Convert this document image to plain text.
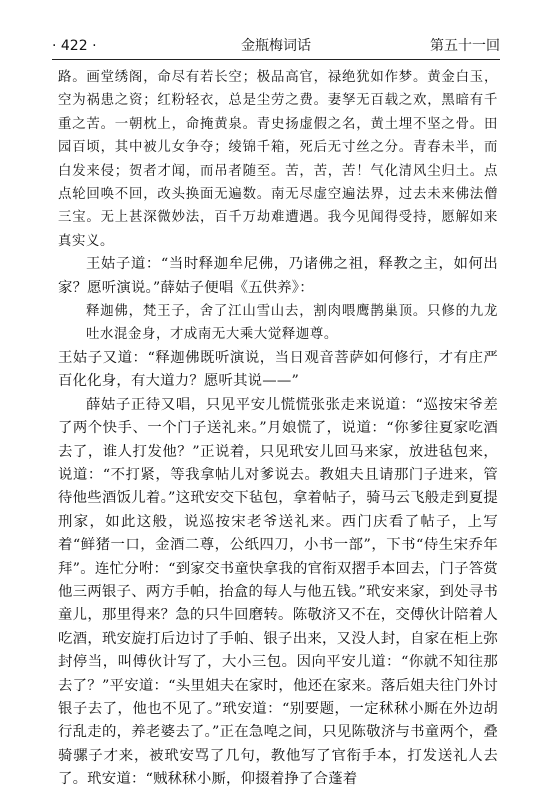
· 422 ·	金瓶梅词话	第五十一回

路。画堂绣阁，命尽有若长空；极品高官，禄绝犹如作梦。黄金白玉，空为祸患之资；红粉轻衣，总是尘劳之费。妻孥无百载之欢，黑暗有千重之苦。一朝枕上，命掩黄泉。青史扬虚假之名，黄土埋不坚之骨。田园百顷，其中被儿女争夺；绫锦千箱，死后无寸丝之分。青春未半，而白发来侵；贺者才闻，而吊者随至。苦，苦，苦！气化清风尘归土。点点轮回唤不回，改头换面无遍数。南无尽虚空遍法界，过去未来佛法僧三宝。无上甚深微妙法，百千万劫难遭遇。我今见闻得受持，愿解如来真实义。

王姑子道：“当时释迦牟尼佛，乃诸佛之祖，释教之主，如何出家？愿听演说。”薛姑子便唱《五供养》：

释迦佛，梵王子，舍了江山雪山去，割肉喂鹰鹊巢顶。只修的九龙吐水混金身，才成南无大乘大觉释迦尊。

王姑子又道：“释迦佛既听演说，当日观音菩萨如何修行，才有庄严百化化身，有大道力？愿听其说——”

薛姑子正待又唱，只见平安儿慌慌张张走来说道：“巡按宋爷差了两个快手、一个门子送礼来。”月娘慌了，说道：“你爹往夏家吃酒去了，谁人打发他？”正说着，只见玳安儿回马来家，放进毡包来，说道：“不打紧，等我拿帖儿对爹说去。教姐夫且请那门子进来，管待他些酒饭儿着。”这玳安交下毡包，拿着帖子，骑马云飞般走到夏提刑家，如此这般，说巡按宋老爷送礼来。西门庆看了帖子，上写着“鲜猪一口，金酒二尊，公纸四刀，小书一部”，下书“侍生宋乔年拜”。连忙分咐：“到家交书童快拿我的官衔双摺手本回去，门子答赏他三两银子、两方手帕，抬盒的每人与他五钱。”玳安来家，到处寻书童儿，那里得来？急的只牛回磨转。陈敬济又不在，交傅伙计陪着人吃酒，玳安旋打后边讨了手帕、银子出来，又没人封，自家在柜上弥封停当，叫傅伙计写了，大小三包。因向平安儿道：“你就不知往那去了？”平安道：“头里姐夫在家时，他还在家来。落后姐夫往门外讨银子去了，他也不见了。”玳安道：“别要题，一定秫秫小厮在外边胡行乱走的，养老婆去了。”正在急唣之间，只见陈敬济与书童两个，叠骑骡子才来，被玳安骂了几句，教他写了官衔手本，打发送礼人去了。玳安道：“贼秫秫小厮，仰掇着挣了合蓬着
